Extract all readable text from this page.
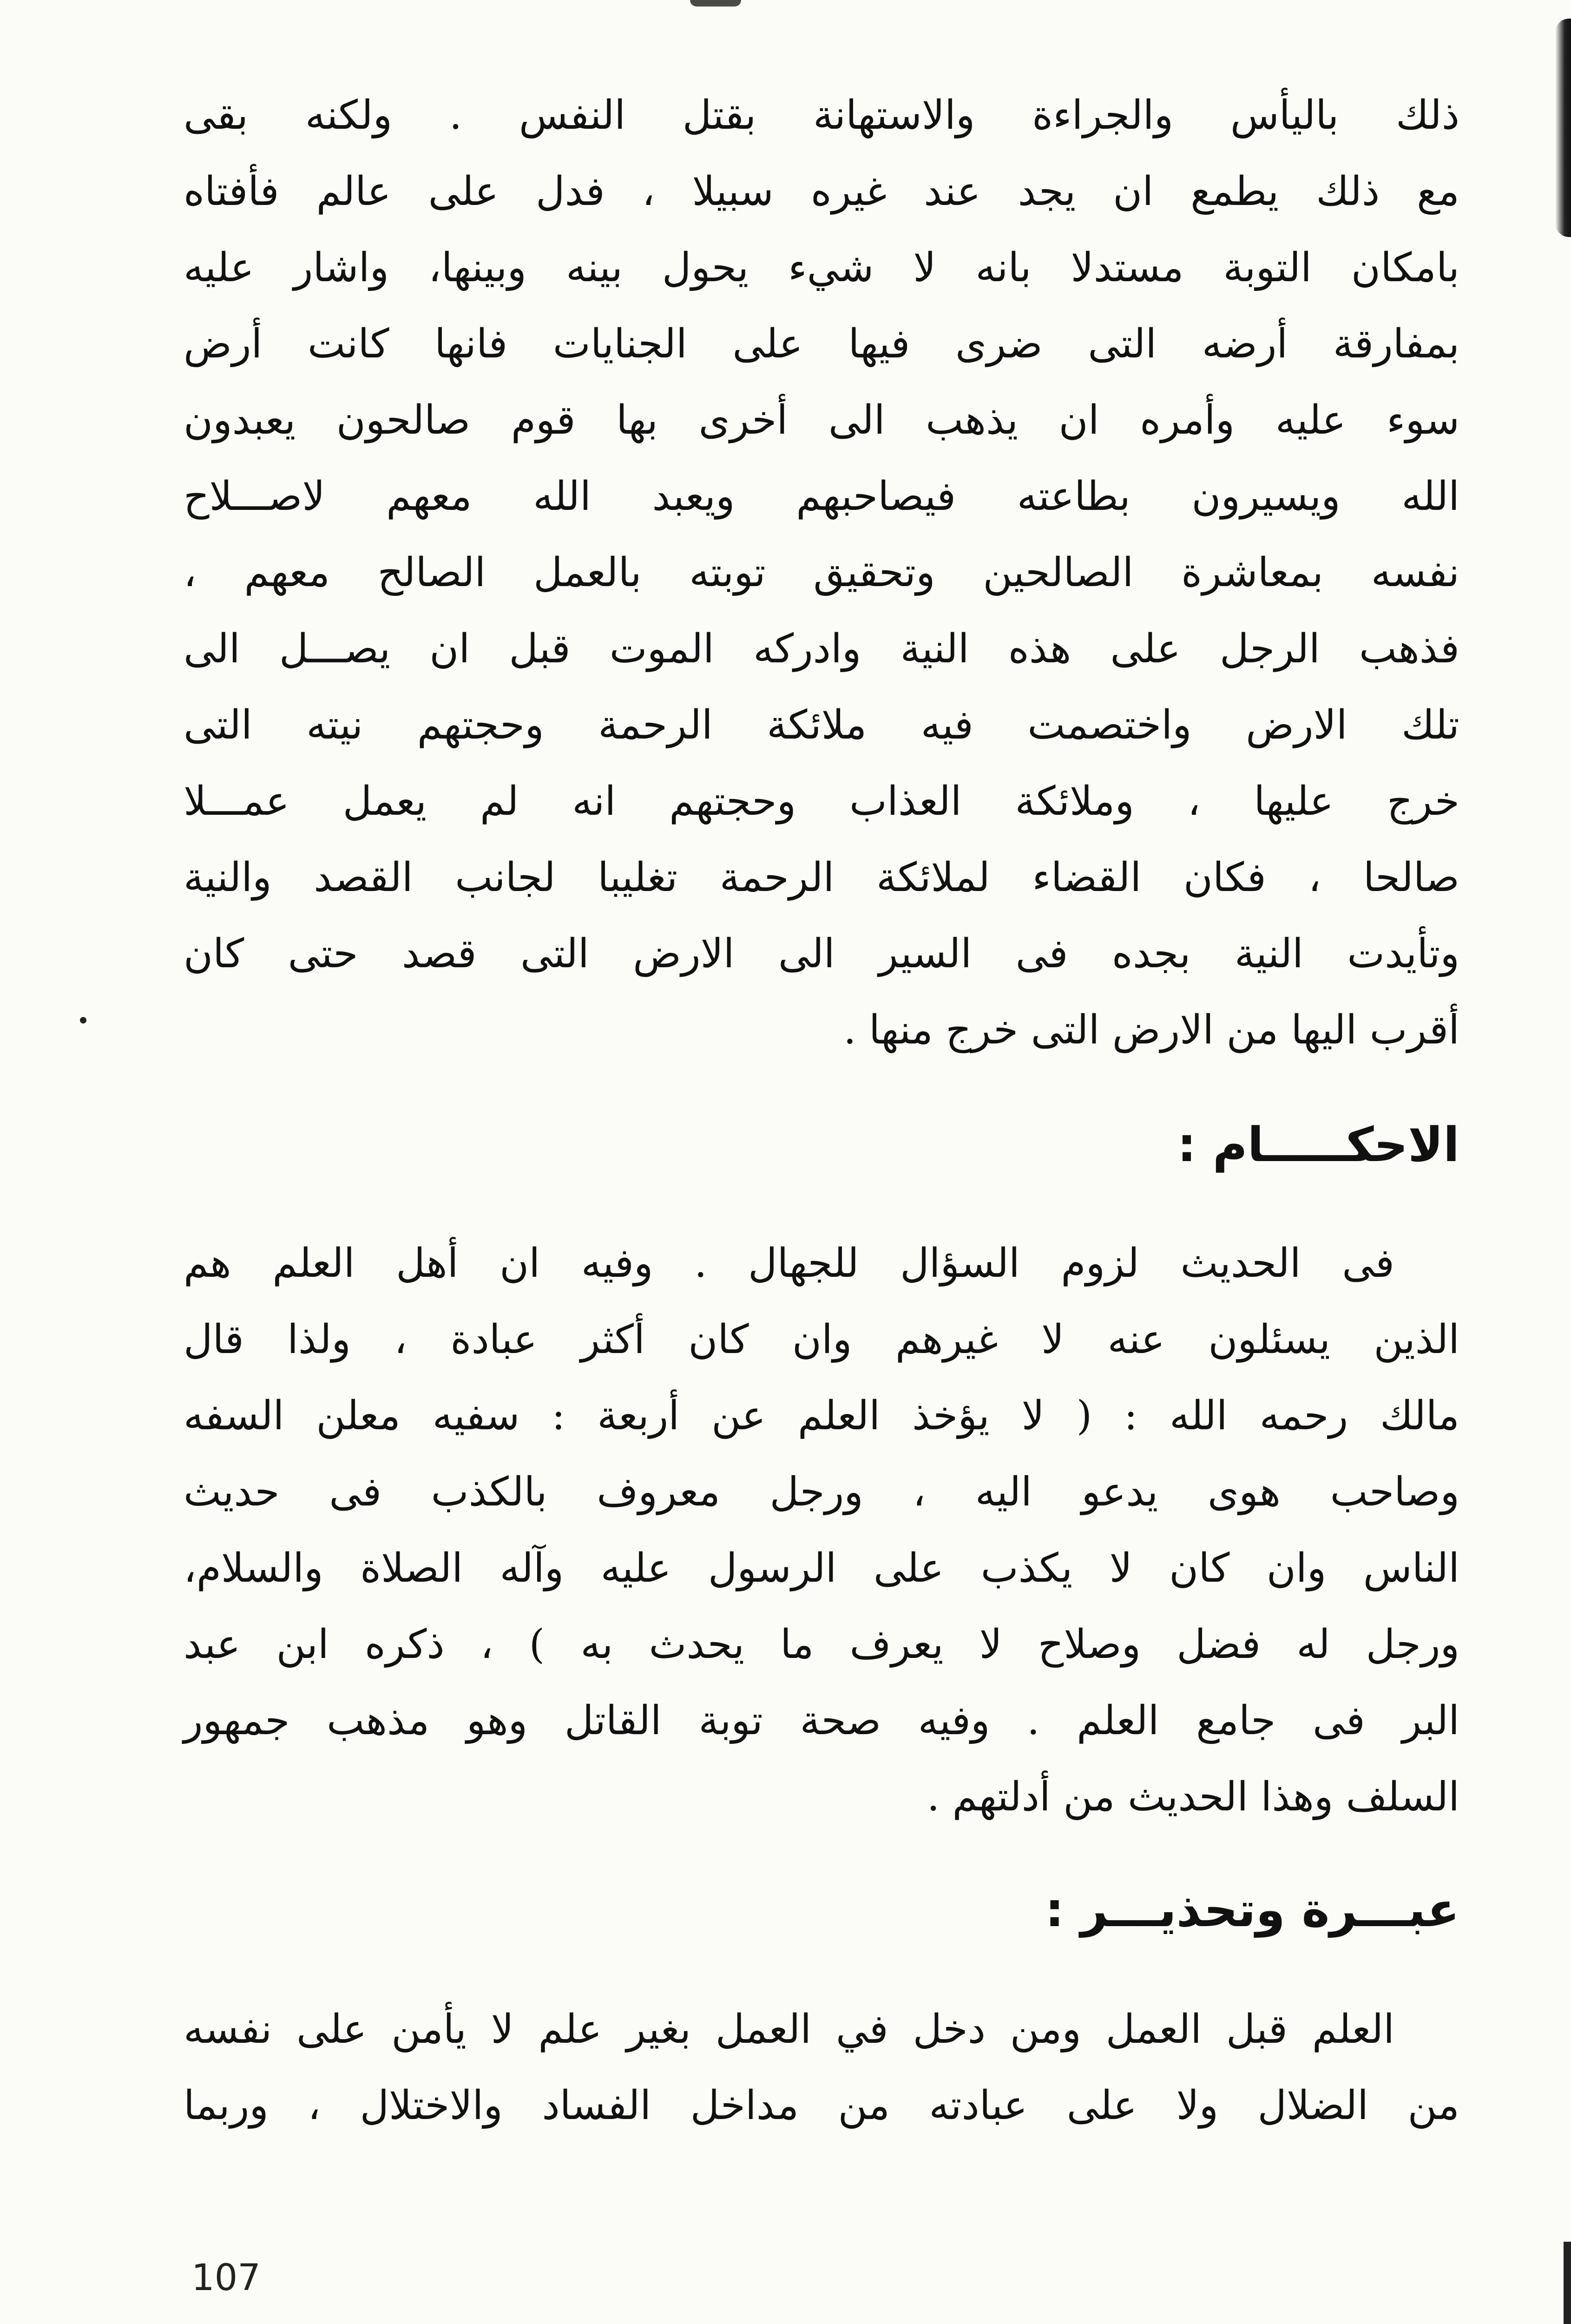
ذلك باليأس والجراءة والاستهانة بقتل النفس . ولكنه بقى
مع ذلك يطمع ان يجد عند غيره سبيلا ، فدل على عالم فأفتاه
بامكان التوبة مستدلا بانه لا شيء يحول بينه وبينها، واشار عليه
بمفارقة أرضه التى ضرى فيها على الجنايات فانها كانت أرض
سوء عليه وأمره ان يذهب الى أخرى بها قوم صالحون يعبدون
الله ويسيرون بطاعته فيصاحبهم ويعبد الله معهم لاصـــلاح
نفسه بمعاشرة الصالحين وتحقيق توبته بالعمل الصالح معهم ،
فذهب الرجل على هذه النية وادركه الموت قبل ان يصـــل الى
تلك الارض واختصمت فيه ملائكة الرحمة وحجتهم نيته التى
خرج عليها ، وملائكة العذاب وحجتهم انه لم يعمل عمـــلا
صالحا ، فكان القضاء لملائكة الرحمة تغليبا لجانب القصد والنية
وتأيدت النية بجده فى السير الى الارض التى قصد حتى كان
أقرب اليها من الارض التى خرج منها .
الاحكـــــام :
فى الحديث لزوم السؤال للجهال . وفيه ان أهل العلم هم
الذين يسئلون عنه لا غيرهم وان كان أكثر عبادة ، ولذا قال
مالك رحمه الله : ( لا يؤخذ العلم عن أربعة : سفيه معلن السفه
وصاحب هوى يدعو اليه ، ورجل معروف بالكذب فى حديث
الناس وان كان لا يكذب على الرسول عليه وآله الصلاة والسلام،
ورجل له فضل وصلاح لا يعرف ما يحدث به ) ، ذكره ابن عبد
البر فى جامع العلم . وفيه صحة توبة القاتل وهو مذهب جمهور
السلف وهذا الحديث من أدلتهم .
عبـــرة وتحذيـــر :
العلم قبل العمل ومن دخل في العمل بغير علم لا يأمن على نفسه
من الضلال ولا على عبادته من مداخل الفساد والاختلال ، وربما
107
